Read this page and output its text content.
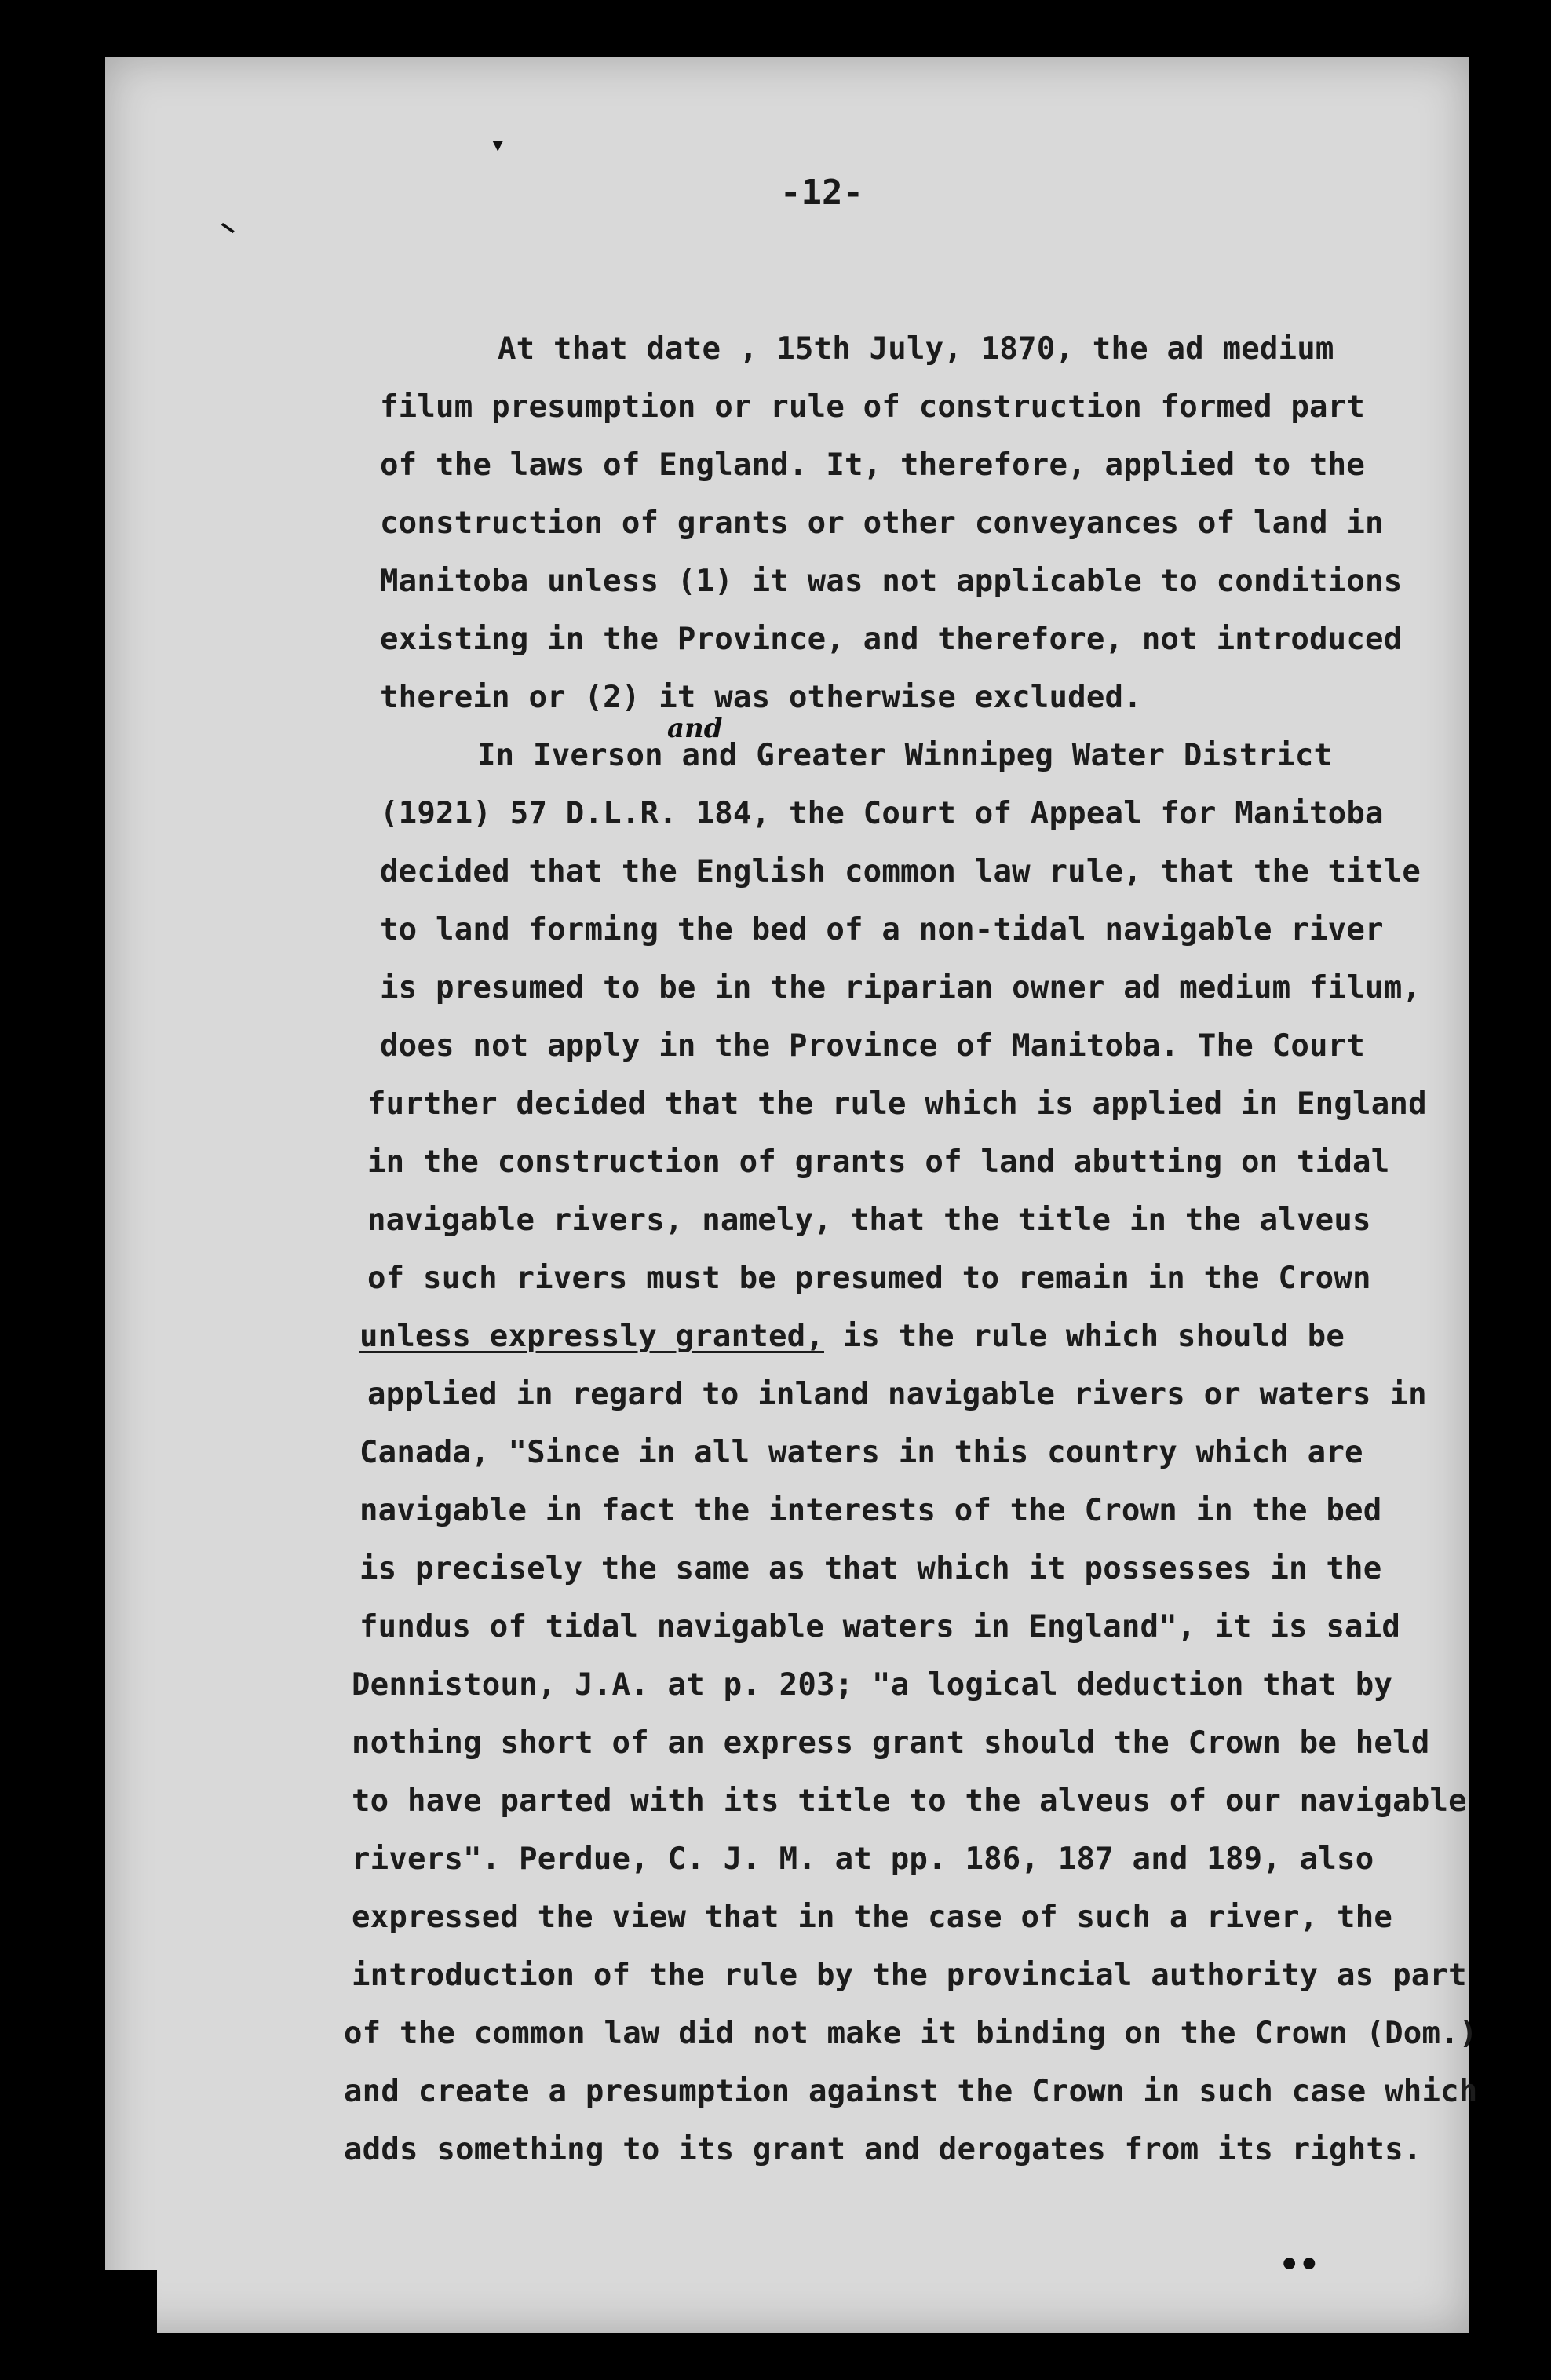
-12-
▾
—
At that date , 15th July, 1870, the ad medium
filum presumption or rule of construction formed part
of the laws of England. It, therefore, applied to the
construction of grants or other conveyances of land in
Manitoba unless (1) it was not applicable to conditions
existing in the Province, and therefore, not introduced
therein or (2) it was otherwise excluded.
In Iverson and Greater Winnipeg Water District
and
(1921) 57 D.L.R. 184, the Court of Appeal for Manitoba
decided that the English common law rule, that the title
to land forming the bed of a non-tidal navigable river
is presumed to be in the riparian owner ad medium filum,
does not apply in the Province of Manitoba. The Court
further decided that the rule which is applied in England
in the construction of grants of land abutting on tidal
navigable rivers, namely, that the title in the alveus
of such rivers must be presumed to remain in the Crown
unless expressly granted, is the rule which should be
applied in regard to inland navigable rivers or waters in
Canada, "Since in all waters in this country which are
navigable in fact the interests of the Crown in the bed
is precisely the same as that which it possesses in the
fundus of tidal navigable waters in England", it is said
Dennistoun, J.A. at p. 203; "a logical deduction that by
nothing short of an express grant should the Crown be held
to have parted with its title to the alveus of our navigable
rivers". Perdue, C. J. M. at pp. 186, 187 and 189, also
expressed the view that in the case of such a river, the
introduction of the rule by the provincial authority as part
of the common law did not make it binding on the Crown (Dom.)
and create a presumption against the Crown in such case which
adds something to its grant and derogates from its rights.
••
